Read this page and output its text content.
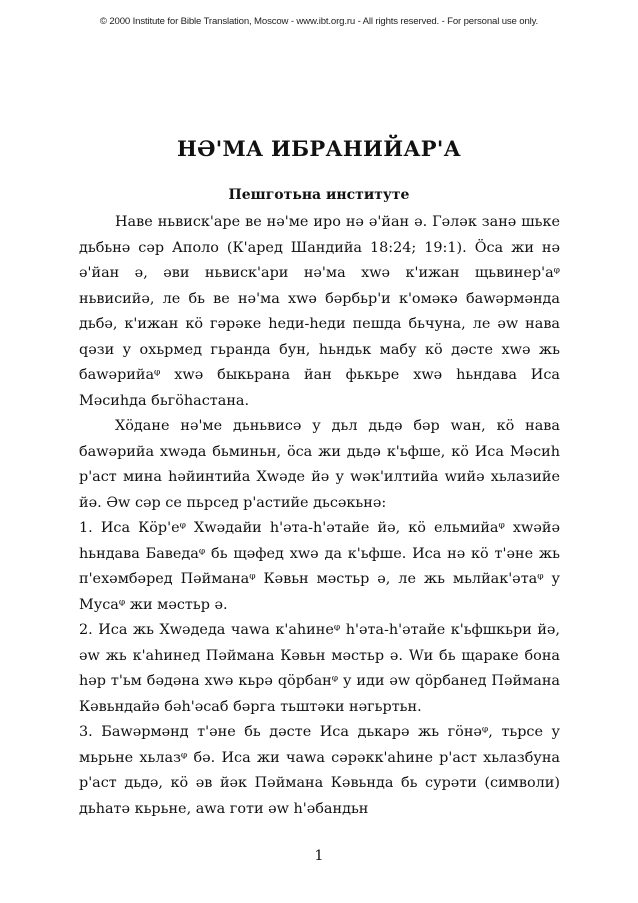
© 2000 Institute for Bible Translation, Moscow - www.ibt.org.ru - All rights reserved. - For personal use only.
НӘ'МА ИБРАНИЙАР'А
Пешготьна институте

Наве ньвиск'аре ве нә'ме иро нә ә'йан ә. Гәләк занә шьке дьбьнә сәр Аполо (К'аред Шандийа 18:24; 19:1). Ӧса жи нә ә'йан ә, әви ньвиск'ари нә'ма хwә к'ижан щьвинер'аᵠ ньвисийә, ле бь ве нә'ма хwә бәрбьр'и к'омәкә баwәрмәнда дьбә, к'ижан кӧ гәрәке һеди-һеди пешда бьчуна, ле әw нава qәзи у охьрмед гьранда бун, һьндьк мабу кӧ дәсте хwә жь баwәрийаᵠ хwә быкьрана йан фькьре хwә һьндава Иса Мәсиһда бьгӧһастана.

Хӧдане нә'ме дьньвисә у дьл дьдә бәр wан, кӧ нава баwәрийа хwәда бьминьн, ӧса жи дьдә к'ьфше, кӧ Иса Мәсиһ р'аст мина һәйинтийа Хwәде йә у wәк'илтийа wийә хьлазийе йә. Әw сәр се пьрсед р'астийе дьсәкьнә:

1. Иса Кӧр'еᵠ Хwәдайи һ'әта-һ'әтайе йә, кӧ ельмийаᵠ хwәйә һьндава Баведаᵠ бь щәфед хwә да к'ьфше. Иса нә кӧ т'әне жь п'ехәмбәред Пәйманаᵠ Кәвьн мәстьр ә, ле жь мьлйак'әтаᵠ у Мусаᵠ жи мәстьр ә.

2. Иса жь Хwәдеда чаwа к'аһинеᵠ һ'әта-һ'әтайе к'ьфшкьри йә, әw жь к'аһинед Пәймана Кәвьн мәстьр ә. Wи бь щаракe бона һәр т'ьм бәдәна хwә кьрә qӧрбанᵠ у иди әw qӧрбанед Пәймана Кәвьндайә бәһ'әсаб бәрга тьштәки нәгьртьн.

3. Баwәрмәнд т'әне бь дәсте Иса дькарә жь гӧнәᵠ, тьрсе у мьрьне хьлазᵠ бә. Иса жи чаwа сәрәкк'аһине р'аст хьлазбуна р'аст дьдә, кӧ әв йәк Пәймана Кәвьнда бь сурәти (символи) дьһатә кьрьне, аwа готи әw һ'әбандьн

1
